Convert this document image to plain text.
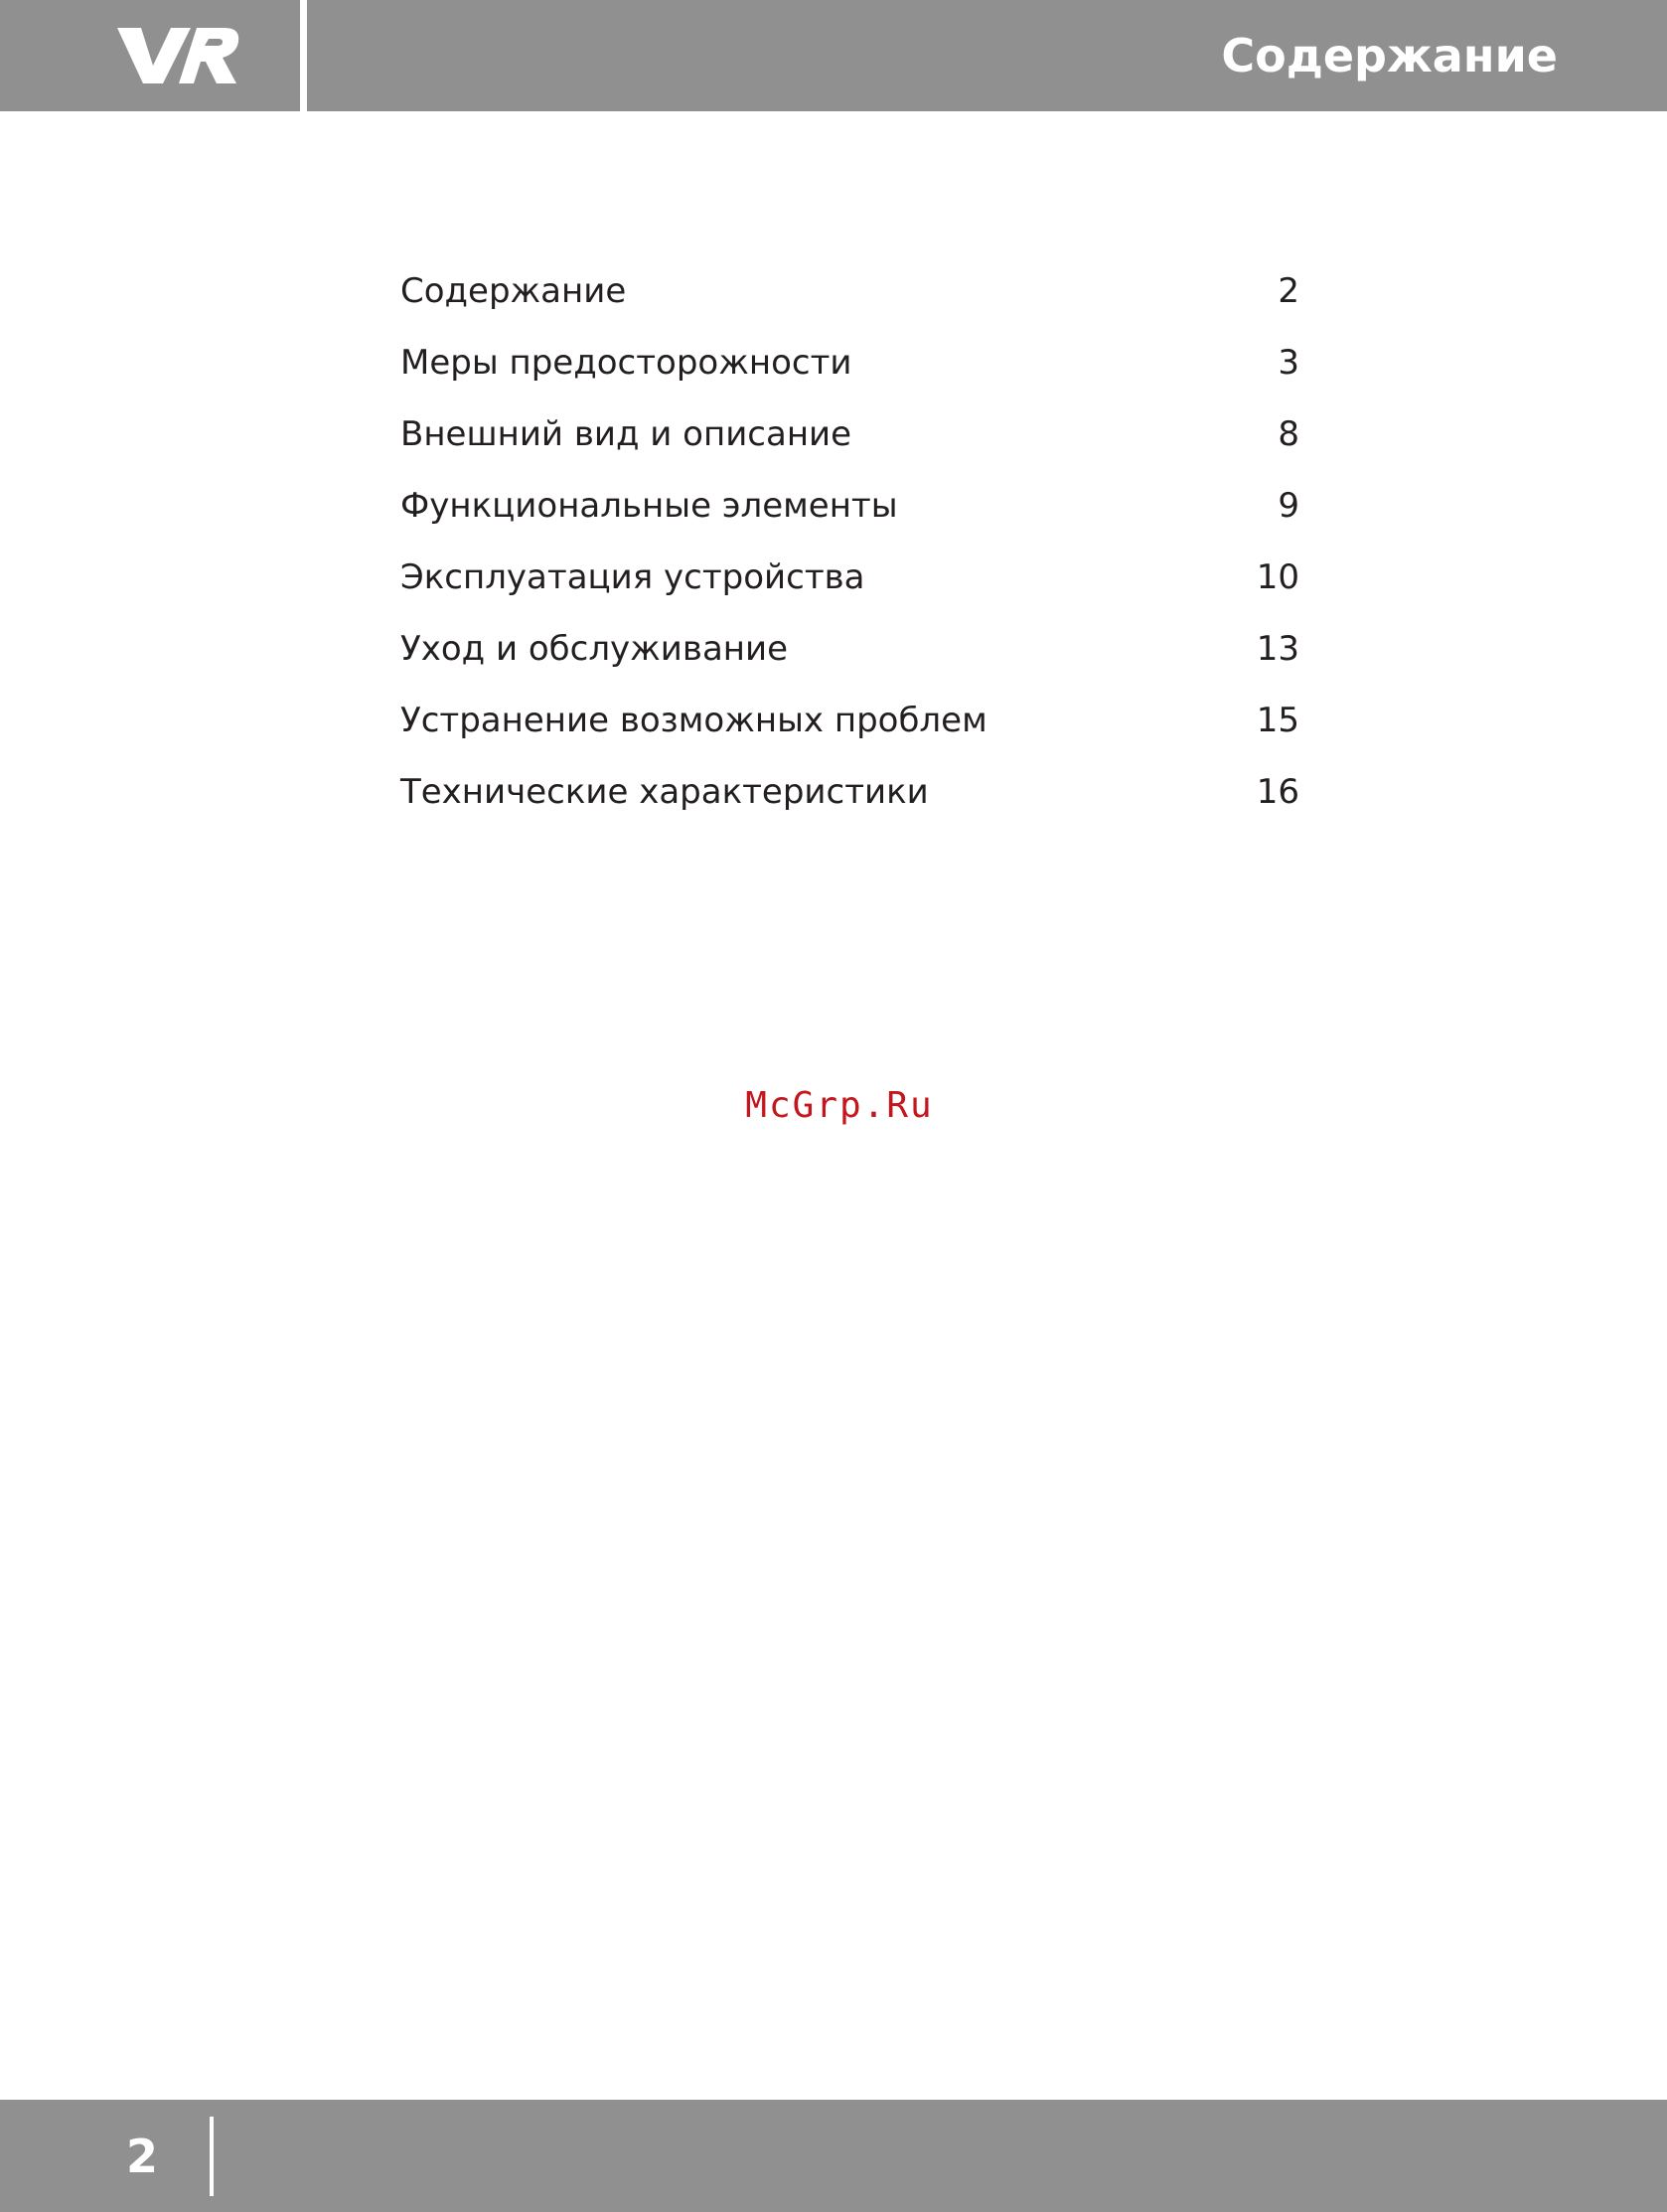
Содержание
Содержание	2
Меры предосторожности	3
Внешний вид и описание	8
Функциональные элементы	9
Эксплуатация устройства	10
Уход и обслуживание	13
Устранение возможных проблем	15
Технические характеристики	16
McGrp.Ru
2
